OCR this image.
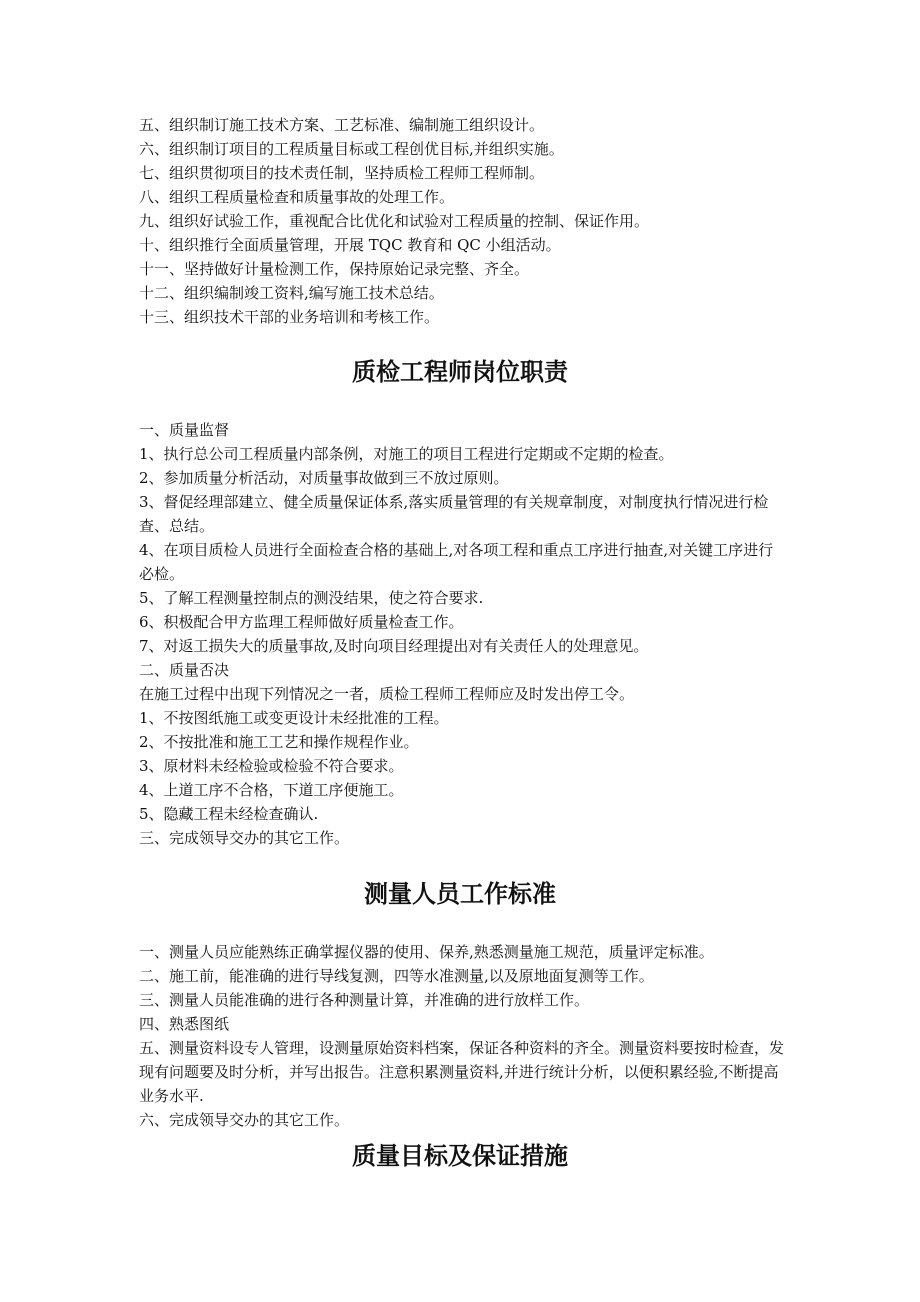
五、组织制订施工技术方案、工艺标准、编制施工组织设计。
六、组织制订项目的工程质量目标或工程创优目标,并组织实施。
七、组织贯彻项目的技术责任制，坚持质检工程师工程师制。
八、组织工程质量检查和质量事故的处理工作。
九、组织好试验工作，重视配合比优化和试验对工程质量的控制、保证作用。
十、组织推行全面质量管理，开展 TQC 教育和 QC 小组活动。
十一、坚持做好计量检测工作，保持原始记录完整、齐全。
十二、组织编制竣工资料,编写施工技术总结。
十三、组织技术干部的业务培训和考核工作。
质检工程师岗位职责
一、质量监督
1、执行总公司工程质量内部条例，对施工的项目工程进行定期或不定期的检查。
2、参加质量分析活动，对质量事故做到三不放过原则。
3、督促经理部建立、健全质量保证体系,落实质量管理的有关规章制度，对制度执行情况进行检查、总结。
4、在项目质检人员进行全面检查合格的基础上,对各项工程和重点工序进行抽查,对关键工序进行必检。
5、了解工程测量控制点的测没结果，使之符合要求.
6、积极配合甲方监理工程师做好质量检查工作。
7、对返工损失大的质量事故,及时向项目经理提出对有关责任人的处理意见。
二、质量否决
在施工过程中出现下列情况之一者，质检工程师工程师应及时发出停工令。
1、不按图纸施工或变更设计未经批准的工程。
2、不按批准和施工工艺和操作规程作业。
3、原材料未经检验或检验不符合要求。
4、上道工序不合格，下道工序便施工。
5、隐藏工程未经检查确认.
三、完成领导交办的其它工作。
测量人员工作标准
一、测量人员应能熟练正确掌握仪器的使用、保养,熟悉测量施工规范，质量评定标准。
二、施工前，能准确的进行导线复测，四等水准测量,以及原地面复测等工作。
三、测量人员能准确的进行各种测量计算，并准确的进行放样工作。
四、熟悉图纸
五、测量资料设专人管理，设测量原始资料档案，保证各种资料的齐全。测量资料要按时检查，发现有问题要及时分析，并写出报告。注意积累测量资料,并进行统计分析，以便积累经验,不断提高业务水平.
六、完成领导交办的其它工作。
质量目标及保证措施
